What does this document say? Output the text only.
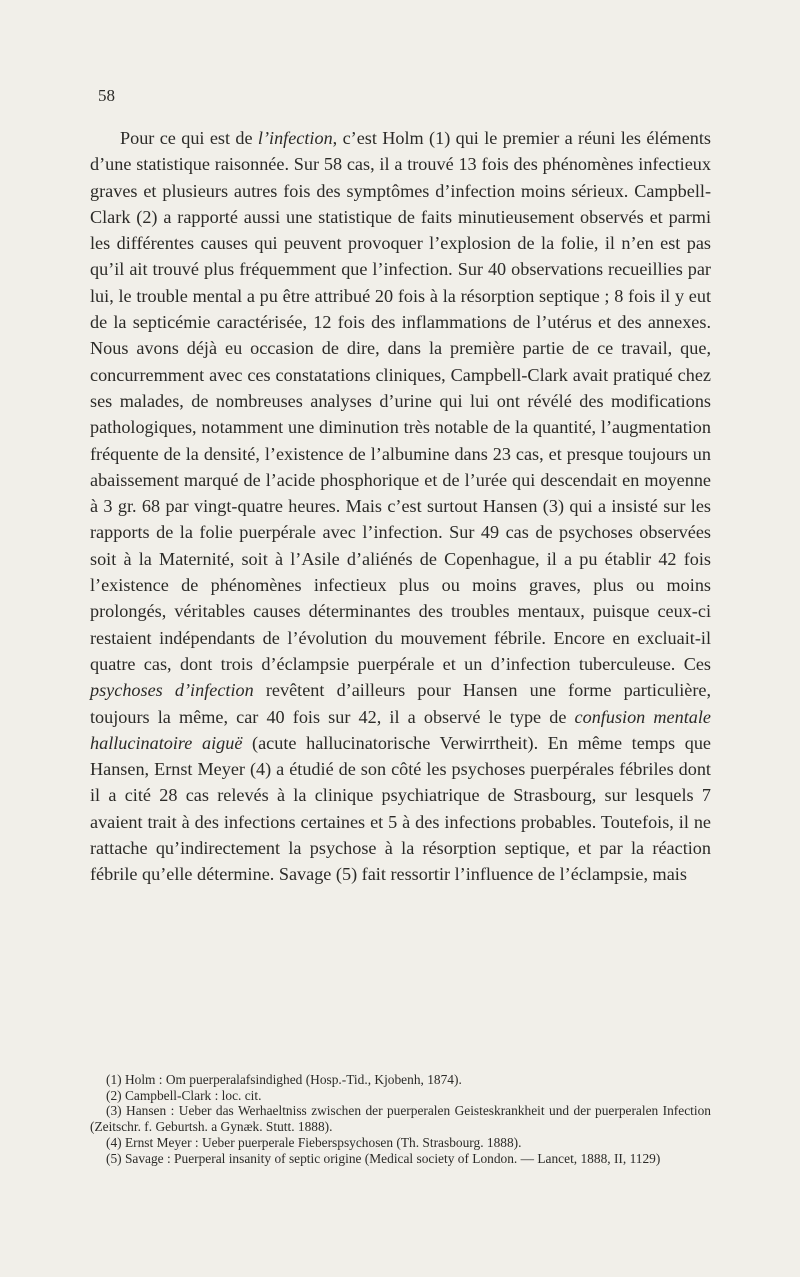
58

Pour ce qui est de l’infection, c’est Holm (1) qui le premier a réuni les éléments d’une statistique raisonnée. Sur 58 cas, il a trouvé 13 fois des phénomènes infectieux graves et plusieurs autres fois des symptômes d’infection moins sérieux. Campbell-Clark (2) a rapporté aussi une statistique de faits minutieusement observés et parmi les différentes causes qui peuvent provoquer l’explosion de la folie, il n’en est pas qu’il ait trouvé plus fréquemment que l’infection. Sur 40 observations recueillies par lui, le trouble mental a pu être attribué 20 fois à la résorption septique ; 8 fois il y eut de la septicémie caractérisée, 12 fois des inflammations de l’utérus et des annexes. Nous avons déjà eu occasion de dire, dans la première partie de ce travail, que, concurremment avec ces constatations cliniques, Campbell-Clark avait pratiqué chez ses malades, de nombreuses analyses d’urine qui lui ont révélé des modifications pathologiques, notamment une diminution très notable de la quantité, l’augmentation fréquente de la densité, l’existence de l’albumine dans 23 cas, et presque toujours un abaissement marqué de l’acide phosphorique et de l’urée qui descendait en moyenne à 3 gr. 68 par vingt-quatre heures. Mais c’est surtout Hansen (3) qui a insisté sur les rapports de la folie puerpérale avec l’infection. Sur 49 cas de psychoses observées soit à la Maternité, soit à l’Asile d’aliénés de Copenhague, il a pu établir 42 fois l’existence de phénomènes infectieux plus ou moins graves, plus ou moins prolongés, véritables causes déterminantes des troubles mentaux, puisque ceux-ci restaient indépendants de l’évolution du mouvement fébrile. Encore en excluait-il quatre cas, dont trois d’éclampsie puerpérale et un d’infection tuberculeuse. Ces psychoses d’infection revêtent d’ailleurs pour Hansen une forme particulière, toujours la même, car 40 fois sur 42, il a observé le type de confusion mentale hallucinatoire aiguë (acute hallucinatorische Verwirrtheit). En même temps que Hansen, Ernst Meyer (4) a étudié de son côté les psychoses puerpérales fébriles dont il a cité 28 cas relevés à la clinique psychiatrique de Strasbourg, sur lesquels 7 avaient trait à des infections certaines et 5 à des infections probables. Toutefois, il ne rattache qu’indirectement la psychose à la résorption septique, et par la réaction fébrile qu’elle détermine. Savage (5) fait ressortir l’influence de l’éclampsie, mais

(1) Holm : Om puerperalafsindighed (Hosp.-Tid., Kjobenh, 1874).

(2) Campbell-Clark : loc. cit.

(3) Hansen : Ueber das Werhaeltniss zwischen der puerperalen Geisteskrankheit und der puerperalen Infection (Zeitschr. f. Geburtsh. a Gynæk. Stutt. 1888).

(4) Ernst Meyer : Ueber puerperale Fieberspsychosen (Th. Strasbourg. 1888).

(5) Savage : Puerperal insanity of septic origine (Medical society of London. — Lancet, 1888, II, 1129)
